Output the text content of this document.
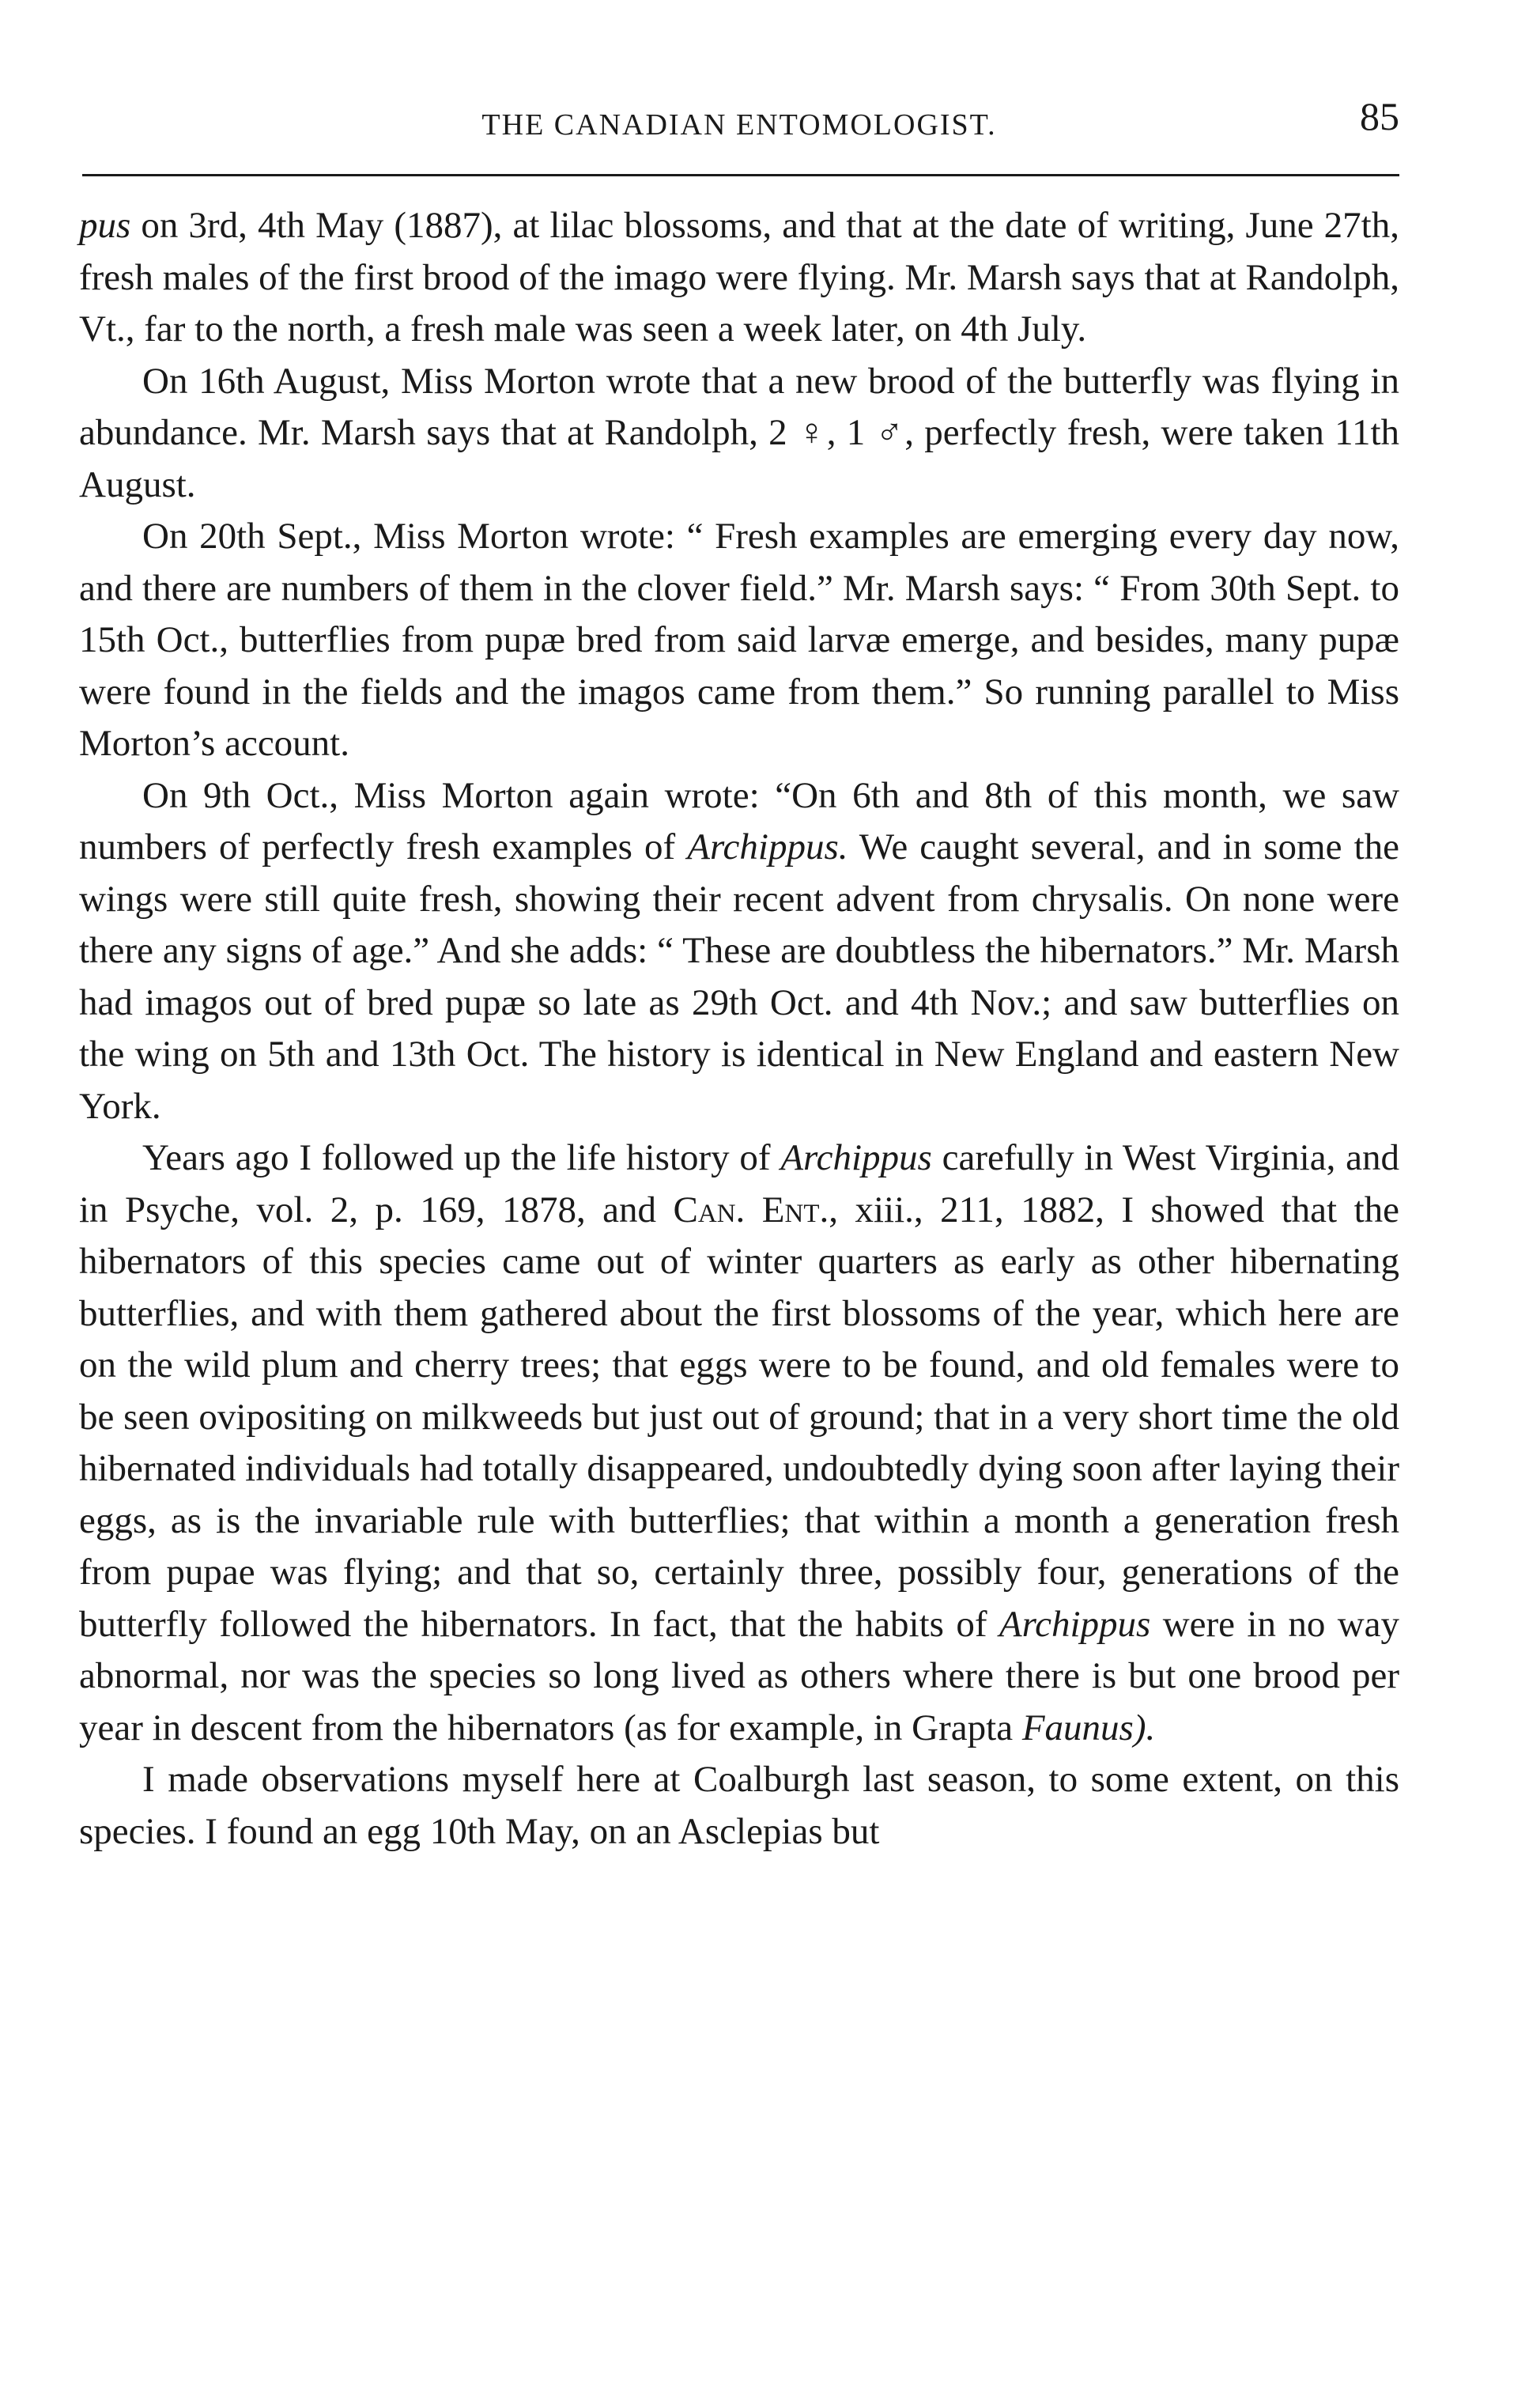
THE CANADIAN ENTOMOLOGIST.	85

pus on 3rd, 4th May (1887), at lilac blossoms, and that at the date of writing, June 27th, fresh males of the first brood of the imago were flying. Mr. Marsh says that at Randolph, Vt., far to the north, a fresh male was seen a week later, on 4th July.

On 16th August, Miss Morton wrote that a new brood of the butterfly was flying in abundance. Mr. Marsh says that at Randolph, 2 ♀, 1 ♂, perfectly fresh, were taken 11th August.

On 20th Sept., Miss Morton wrote: “ Fresh examples are emerging every day now, and there are numbers of them in the clover field.” Mr. Marsh says: “ From 30th Sept. to 15th Oct., butterflies from pupæ bred from said larvæ emerge, and besides, many pupæ were found in the fields and the imagos came from them.” So running parallel to Miss Morton’s account.

On 9th Oct., Miss Morton again wrote: “On 6th and 8th of this month, we saw numbers of perfectly fresh examples of Archippus. We caught several, and in some the wings were still quite fresh, showing their recent advent from chrysalis. On none were there any signs of age.” And she adds: “ These are doubtless the hibernators.” Mr. Marsh had imagos out of bred pupæ so late as 29th Oct. and 4th Nov.; and saw butterflies on the wing on 5th and 13th Oct. The history is identical in New England and eastern New York.

Years ago I followed up the life history of Archippus carefully in West Virginia, and in Psyche, vol. 2, p. 169, 1878, and Can. Ent., xiii., 211, 1882, I showed that the hibernators of this species came out of winter quarters as early as other hibernating butterflies, and with them gathered about the first blossoms of the year, which here are on the wild plum and cherry trees; that eggs were to be found, and old females were to be seen ovipositing on milkweeds but just out of ground; that in a very short time the old hibernated individuals had totally disappeared, undoubtedly dying soon after laying their eggs, as is the invariable rule with butterflies; that within a month a generation fresh from pupae was flying; and that so, certainly three, possibly four, generations of the butterfly followed the hibernators. In fact, that the habits of Archippus were in no way abnormal, nor was the species so long lived as others where there is but one brood per year in descent from the hibernators (as for example, in Grapta Faunus).

I made observations myself here at Coalburgh last season, to some extent, on this species. I found an egg 10th May, on an Asclepias but
